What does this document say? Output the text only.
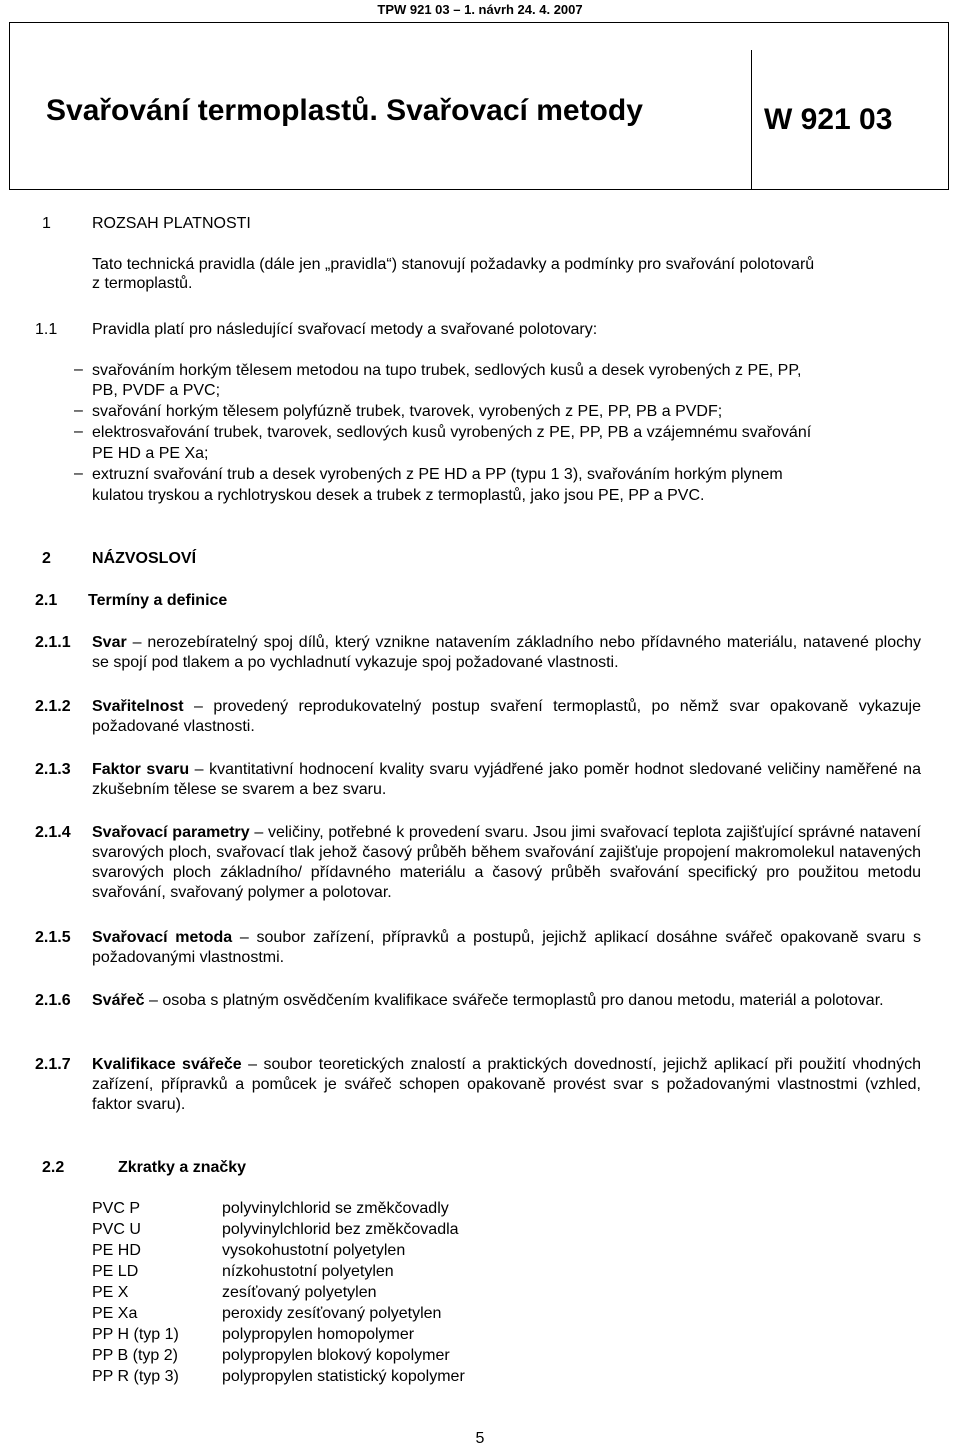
TPW 921 03 – 1. návrh 24. 4. 2007
Svařování termoplastů. Svařovací metody	W 921 03
1	ROZSAH PLATNOSTI
Tato technická pravidla (dále jen „pravidla“) stanovují požadavky a podmínky pro svařování polotovarů
z termoplastů.
1.1 Pravidla platí pro následující svařovací metody a svařované polotovary:
– svařováním horkým tělesem metodou na tupo trubek, sedlových kusů a desek vyrobených z PE, PP,
PB, PVDF a PVC;
– svařování horkým tělesem polyfúzně trubek, tvarovek, vyrobených z PE, PP, PB a PVDF;
– elektrosvařování trubek, tvarovek, sedlových kusů vyrobených z PE, PP, PB a vzájemnému svařování
PE HD a PE Xa;
– extruzní svařování trub a desek vyrobených z PE HD a PP (typu 1 3), svařováním horkým plynem
kulatou tryskou a rychlotryskou desek a trubek z termoplastů, jako jsou PE, PP a PVC.
2	NÁZVOSLOVÍ
2.1 Termíny a definice
2.1.1 Svar – nerozebíratelný spoj dílů, který vznikne natavením základního nebo přídavného materiálu, natavené plochy se spojí pod tlakem a po vychladnutí vykazuje spoj požadované vlastnosti.
2.1.2 Svařitelnost – provedený reprodukovatelný postup svaření termoplastů, po němž svar opakovaně vykazuje požadované vlastnosti.
2.1.3 Faktor svaru – kvantitativní hodnocení kvality svaru vyjádřené jako poměr hodnot sledované veličiny naměřené na zkušebním tělese se svarem a bez svaru.
2.1.4 Svařovací parametry – veličiny, potřebné k provedení svaru. Jsou jimi svařovací teplota zajišťující správné natavení svarových ploch, svařovací tlak jehož časový průběh během svařování zajišťuje propojení makromolekul natavených svarových ploch základního/ přídavného materiálu a časový průběh svařování specifický pro použitou metodu svařování, svařovaný polymer a polotovar.
2.1.5 Svařovací metoda – soubor zařízení, přípravků a postupů, jejichž aplikací dosáhne svářeč opakovaně svaru s požadovanými vlastnostmi.
2.1.6 Svářeč – osoba s platným osvědčením kvalifikace svářeče termoplastů pro danou metodu, materiál a polotovar.
2.1.7 Kvalifikace svářeče – soubor teoretických znalostí a praktických dovedností, jejichž aplikací při použití vhodných zařízení, přípravků a pomůcek je svářeč schopen opakovaně provést svar s požadovanými vlastnostmi (vzhled, faktor svaru).
2.2	Zkratky a značky
PVC P	polyvinylchlorid se změkčovadly
PVC U	polyvinylchlorid bez změkčovadla
PE HD	vysokohustotní polyetylen
PE LD	nízkohustotní polyetylen
PE X	zesíťovaný polyetylen
PE Xa	peroxidy zesíťovaný polyetylen
PP H (typ 1)	polypropylen homopolymer
PP B (typ 2)	polypropylen blokový kopolymer
PP R (typ 3)	polypropylen statistický kopolymer
5
